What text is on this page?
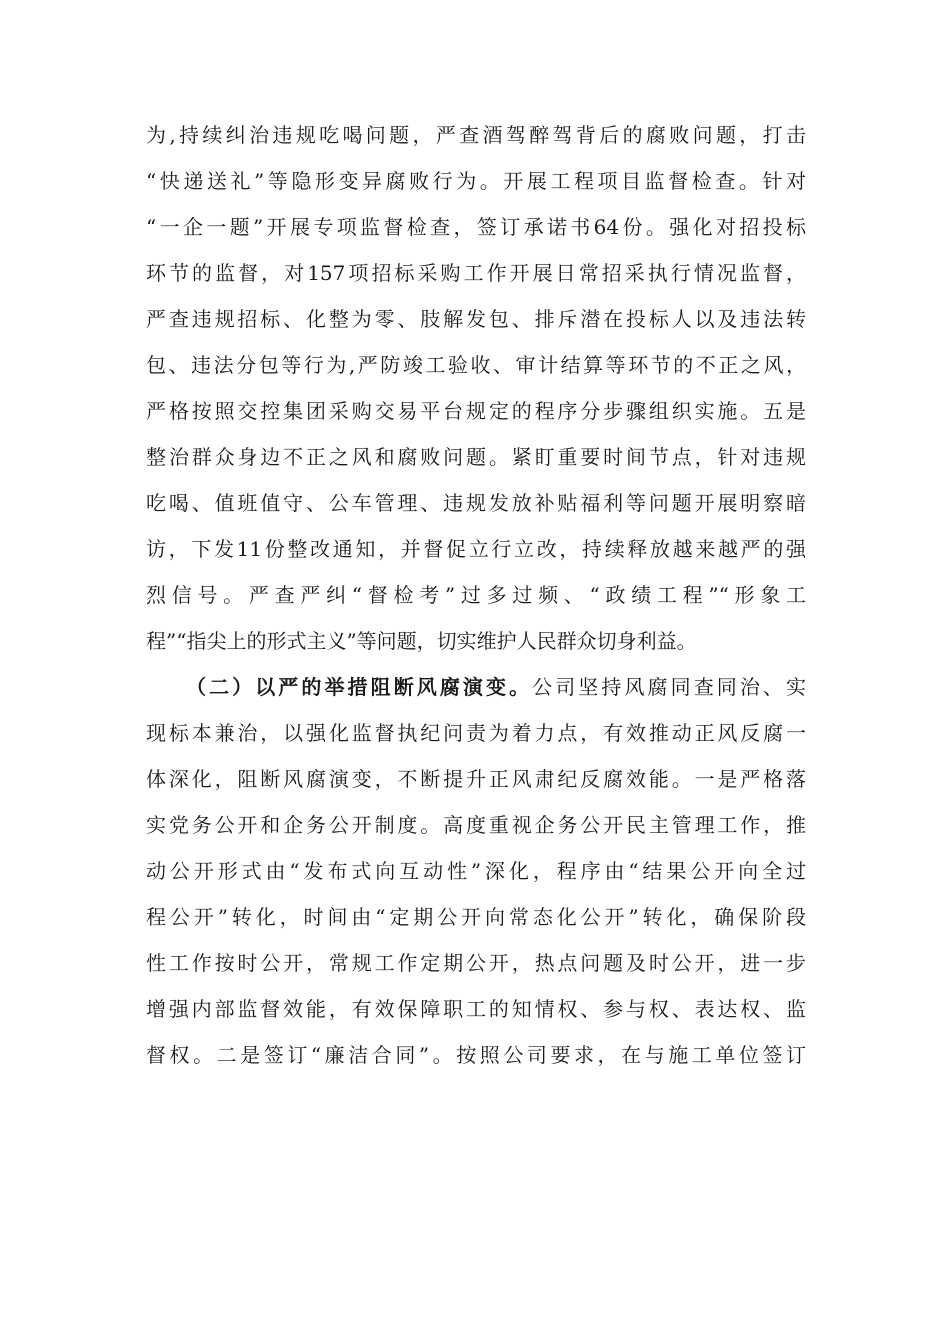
为,持续纠治违规吃喝问题，严查酒驾醉驾背后的腐败问题，打击
“快递送礼”等隐形变异腐败行为。开展工程项目监督检查。针对
“一企一题”开展专项监督检查，签订承诺书64份。强化对招投标
环节的监督，对157项招标采购工作开展日常招采执行情况监督，
严查违规招标、化整为零、肢解发包、排斥潜在投标人以及违法转
包、违法分包等行为,严防竣工验收、审计结算等环节的不正之风，
严格按照交控集团采购交易平台规定的程序分步骤组织实施。五是
整治群众身边不正之风和腐败问题。紧盯重要时间节点，针对违规
吃喝、值班值守、公车管理、违规发放补贴福利等问题开展明察暗
访，下发11份整改通知，并督促立行立改，持续释放越来越严的强
烈信号。严查严纠“督检考”过多过频、“政绩工程”“形象工
程”“指尖上的形式主义”等问题，切实维护人民群众切身利益。
（二）以严的举措阻断风腐演变。公司坚持风腐同查同治、实
现标本兼治，以强化监督执纪问责为着力点，有效推动正风反腐一
体深化，阻断风腐演变，不断提升正风肃纪反腐效能。一是严格落
实党务公开和企务公开制度。高度重视企务公开民主管理工作，推
动公开形式由“发布式向互动性”深化，程序由“结果公开向全过
程公开”转化，时间由“定期公开向常态化公开”转化，确保阶段
性工作按时公开，常规工作定期公开，热点问题及时公开，进一步
增强内部监督效能，有效保障职工的知情权、参与权、表达权、监
督权。二是签订“廉洁合同”。按照公司要求，在与施工单位签订
